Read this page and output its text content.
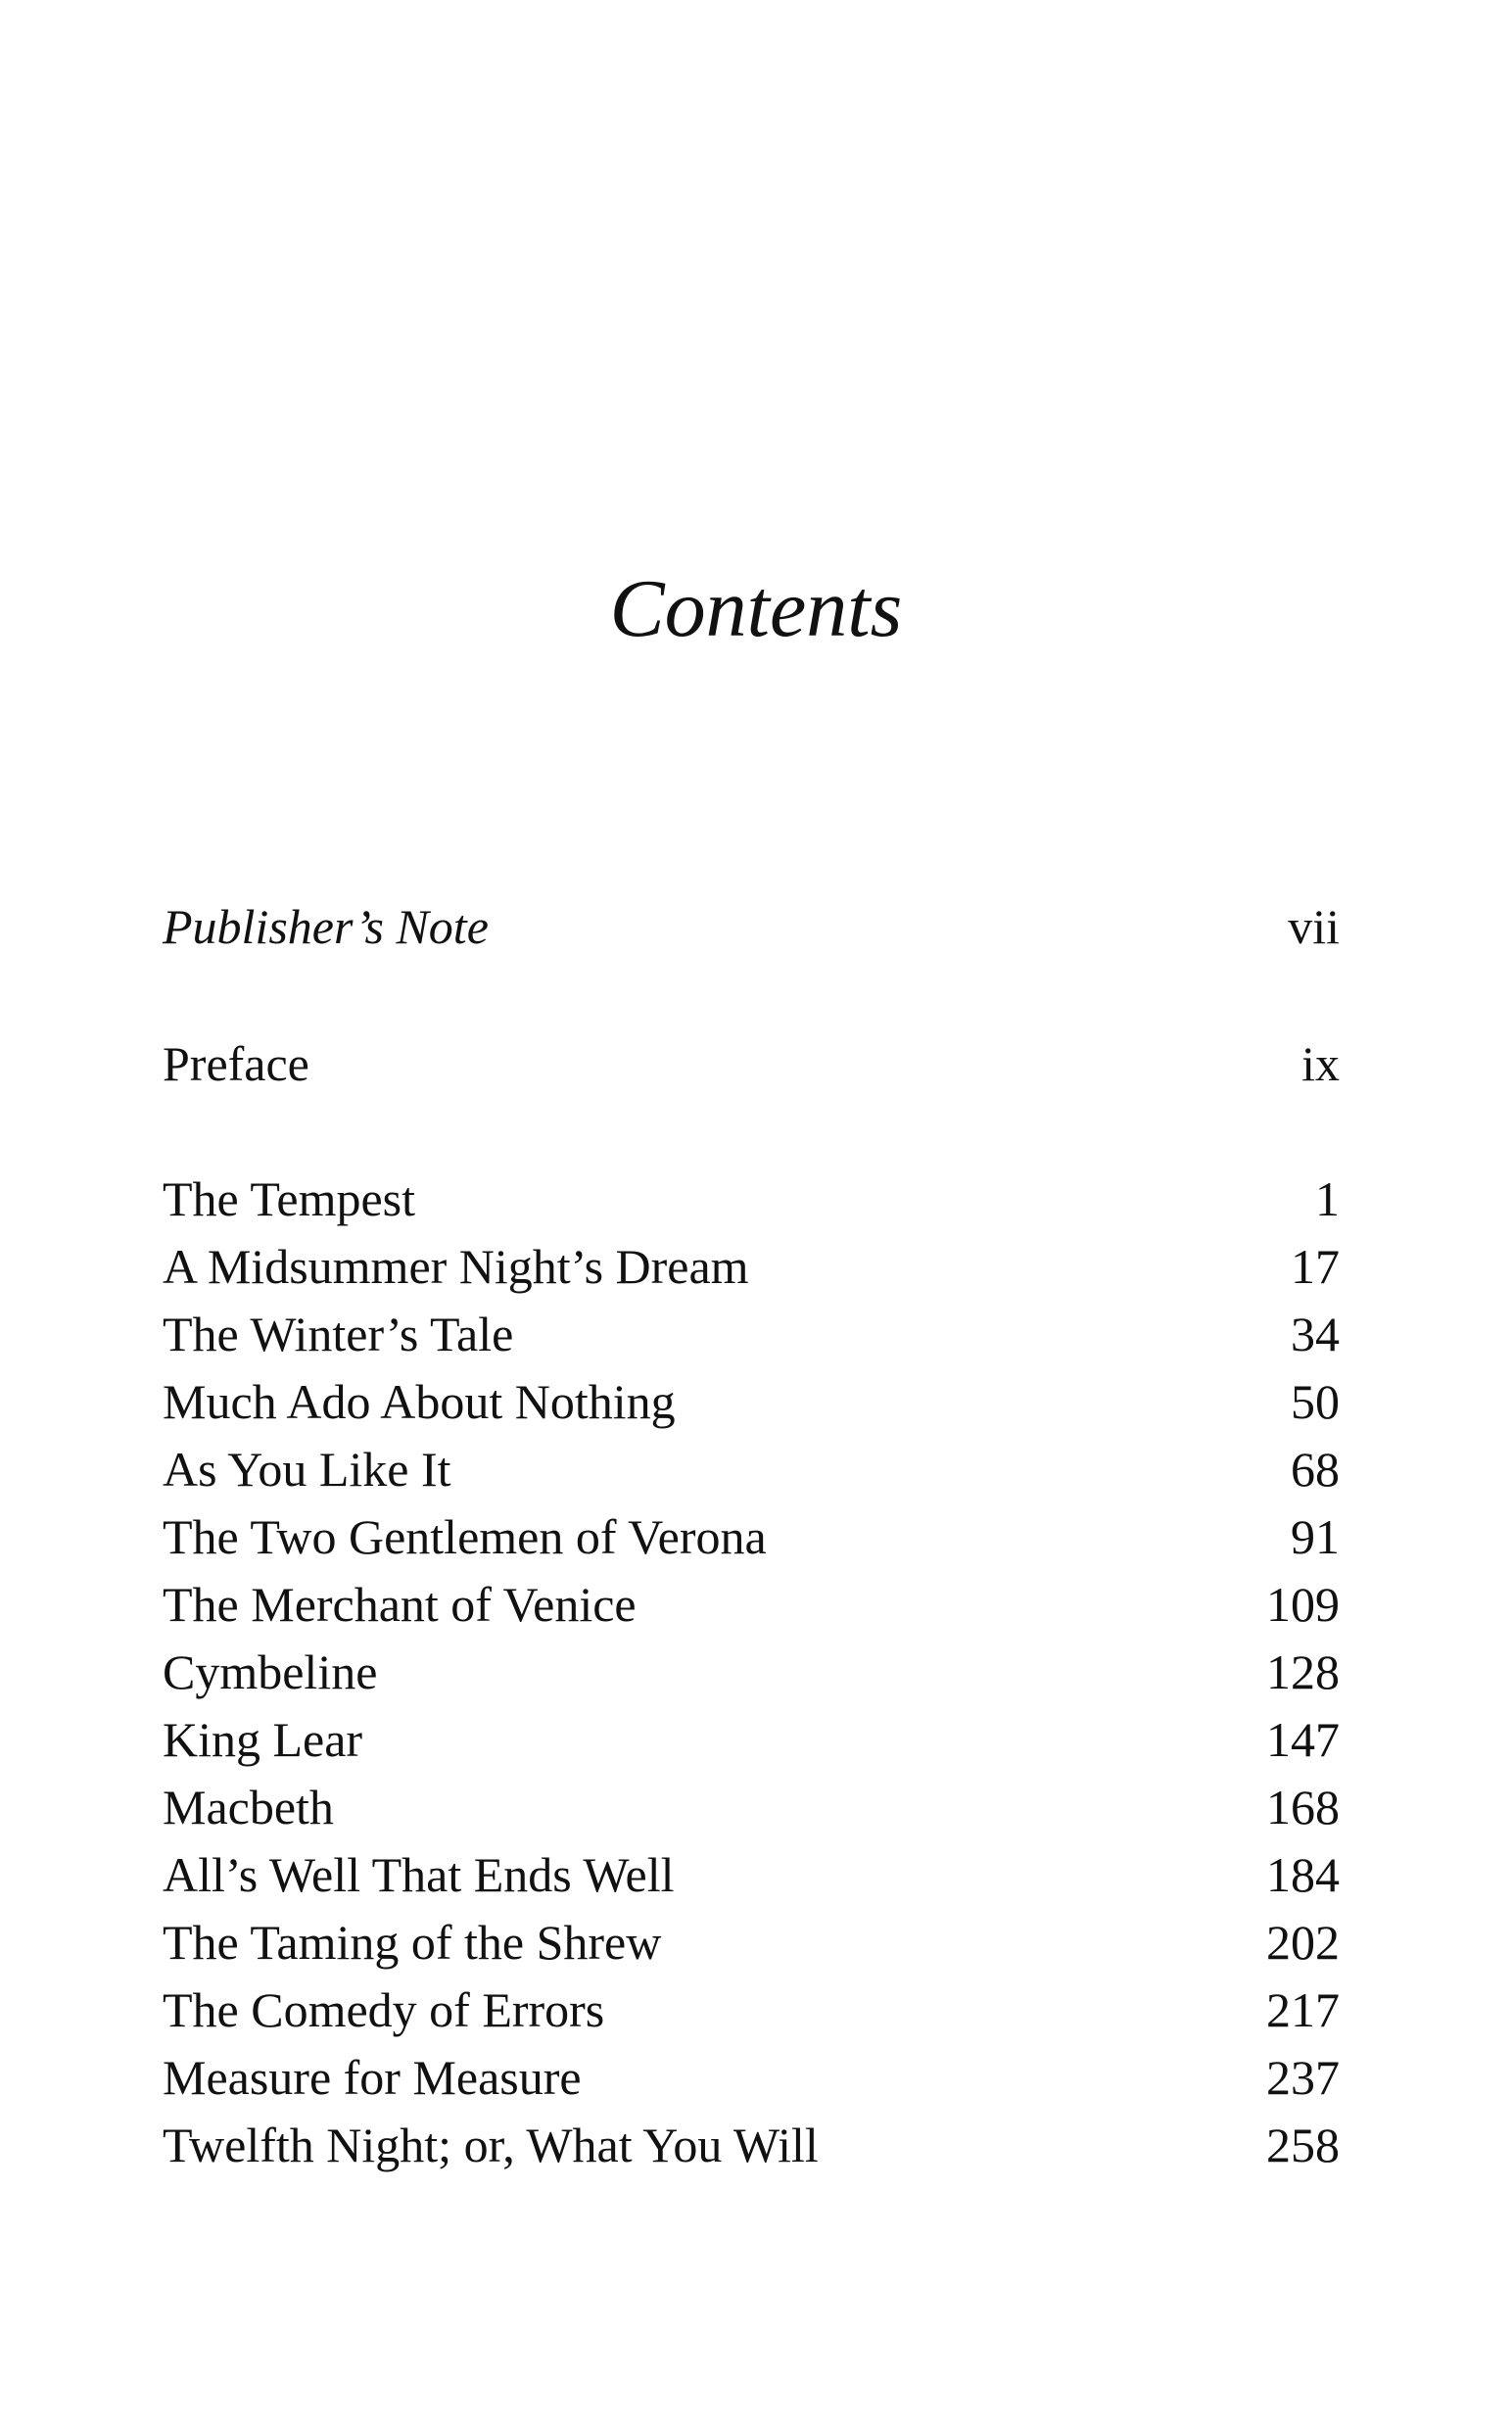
Contents
Publisher’s Note	vii
Preface	ix
The Tempest	1
A Midsummer Night’s Dream	17
The Winter’s Tale	34
Much Ado About Nothing	50
As You Like It	68
The Two Gentlemen of Verona	91
The Merchant of Venice	109
Cymbeline	128
King Lear	147
Macbeth	168
All’s Well That Ends Well	184
The Taming of the Shrew	202
The Comedy of Errors	217
Measure for Measure	237
Twelfth Night; or, What You Will	258
